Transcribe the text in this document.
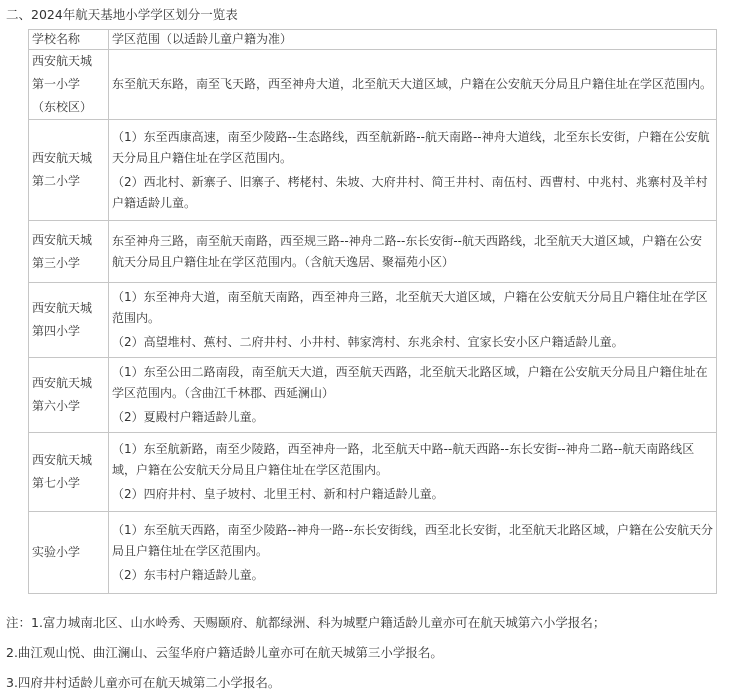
二、2024年航天基地小学学区划分一览表
学校名称	学区范围（以适龄儿童户籍为准）
西安航天城第一小学（东校区）	东至航天东路，南至飞天路，西至神舟大道，北至航天大道区域，户籍在公安航天分局且户籍住址在学区范围内。

西安航天城第二小学	（1）东至西康高速，南至少陵路--生态路线，西至航新路--航天南路--神舟大道线，北至东长安街，户籍在公安航天分局且户籍住址在学区范围内。
（2）西北村、新寨子、旧寨子、栲栳村、朱坡、大府井村、简王井村、南伍村、西曹村、中兆村、兆寨村及羊村户籍适龄儿童。

西安航天城第三小学	东至神舟三路，南至航天南路，西至规三路--神舟二路--东长安街--航天西路线，北至航天大道区域，户籍在公安航天分局且户籍住址在学区范围内。（含航天逸居、聚福苑小区）

西安航天城第四小学	（1）东至神舟大道，南至航天南路，西至神舟三路，北至航天大道区域，户籍在公安航天分局且户籍住址在学区范围内。
（2）高望堆村、蕉村、二府井村、小井村、韩家湾村、东兆余村、宜家长安小区户籍适龄儿童。

西安航天城第六小学	（1）东至公田二路南段，南至航天大道，西至航天西路，北至航天北路区域，户籍在公安航天分局且户籍住址在学区范围内。（含曲江千林郡、西延澜山）
（2）夏殿村户籍适龄儿童。

西安航天城第七小学	（1）东至航新路，南至少陵路，西至神舟一路，北至航天中路--航天西路--东长安街--神舟二路--航天南路线区域，户籍在公安航天分局且户籍住址在学区范围内。
（2）四府井村、皇子坡村、北里王村、新和村户籍适龄儿童。

实验小学	（1）东至航天西路，南至少陵路--神舟一路--东长安街线，西至北长安街，北至航天北路区域，户籍在公安航天分局且户籍住址在学区范围内。
（2）东韦村户籍适龄儿童。
注：1.富力城南北区、山水岭秀、天赐颐府、航都绿洲、科为城墅户籍适龄儿童亦可在航天城第六小学报名；
2.曲江观山悦、曲江澜山、云玺华府户籍适龄儿童亦可在航天城第三小学报名。
3.四府井村适龄儿童亦可在航天城第二小学报名。
